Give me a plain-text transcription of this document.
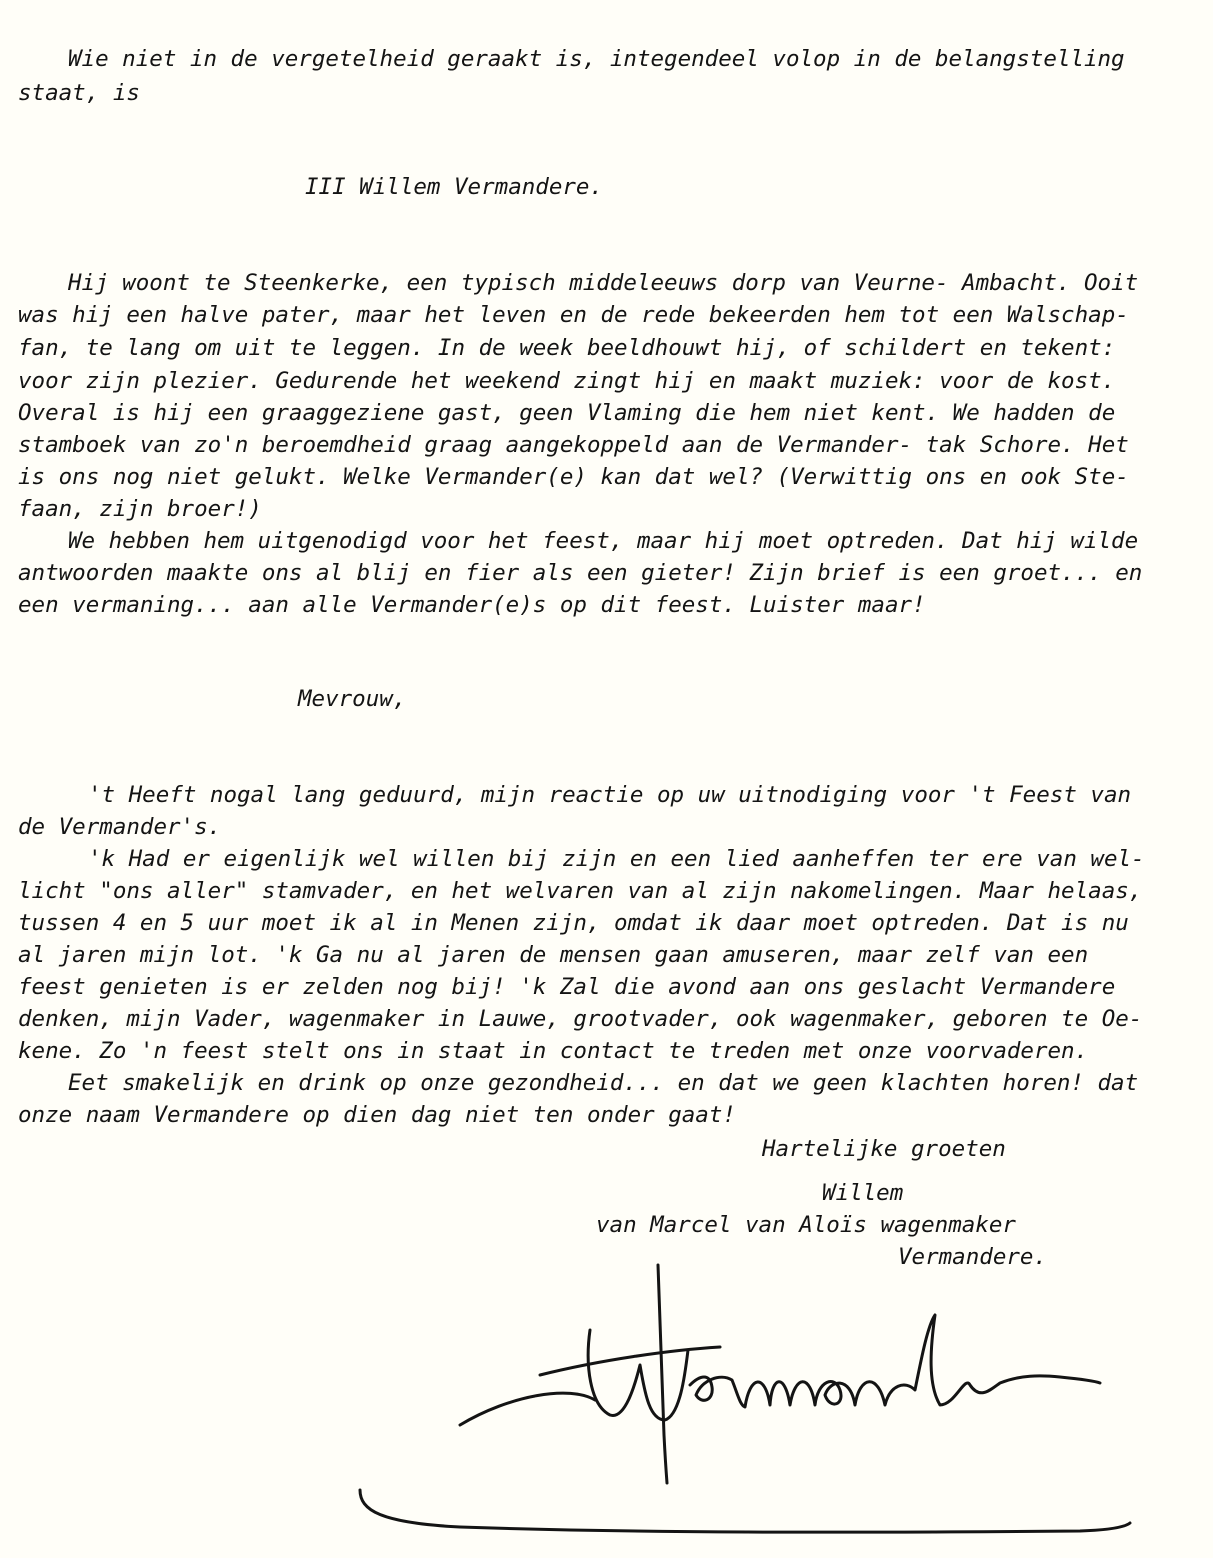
Wie niet in de vergetelheid geraakt is, integendeel volop in de belangstelling
staat, is
III Willem Vermandere.
Hij woont te Steenkerke, een typisch middeleeuws dorp van Veurne- Ambacht. Ooit
was hij een halve pater, maar het leven en de rede bekeerden hem tot een Walschap-
fan, te lang om uit te leggen. In de week beeldhouwt hij, of schildert en tekent:
voor zijn plezier. Gedurende het weekend zingt hij en maakt muziek: voor de kost.
Overal is hij een graaggeziene gast, geen Vlaming die hem niet kent. We hadden de
stamboek van zo'n beroemdheid graag aangekoppeld aan de Vermander- tak Schore. Het
is ons nog niet gelukt. Welke Vermander(e) kan dat wel? (Verwittig ons en ook Ste-
faan, zijn broer!)
We hebben hem uitgenodigd voor het feest, maar hij moet optreden. Dat hij wilde
antwoorden maakte ons al blij en fier als een gieter! Zijn brief is een groet... en
een vermaning... aan alle Vermander(e)s op dit feest. Luister maar!
Mevrouw,
't Heeft nogal lang geduurd, mijn reactie op uw uitnodiging voor 't Feest van
de Vermander's.
'k Had er eigenlijk wel willen bij zijn en een lied aanheffen ter ere van wel-
licht "ons aller" stamvader, en het welvaren van al zijn nakomelingen. Maar helaas,
tussen 4 en 5 uur moet ik al in Menen zijn, omdat ik daar moet optreden. Dat is nu
al jaren mijn lot. 'k Ga nu al jaren de mensen gaan amuseren, maar zelf van een
feest genieten is er zelden nog bij! 'k Zal die avond aan ons geslacht Vermandere
denken, mijn Vader, wagenmaker in Lauwe, grootvader, ook wagenmaker, geboren te Oe-
kene. Zo 'n feest stelt ons in staat in contact te treden met onze voorvaderen.
Eet smakelijk en drink op onze gezondheid... en dat we geen klachten horen! dat
onze naam Vermandere op dien dag niet ten onder gaat!
Hartelijke groeten
Willem
van Marcel van Aloïs wagenmaker
Vermandere.
